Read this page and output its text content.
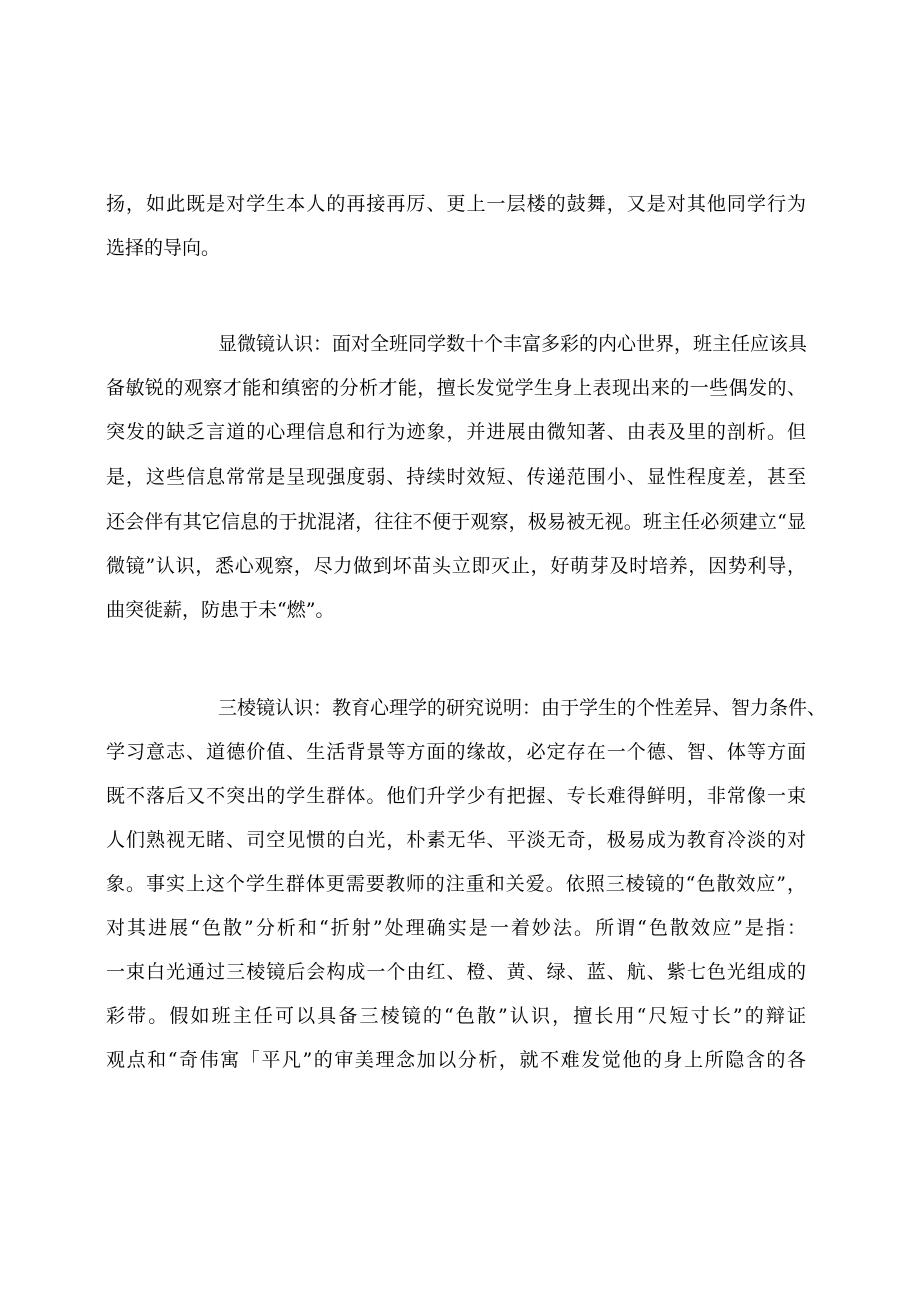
扬，如此既是对学生本人的再接再厉、更上一层楼的鼓舞，又是对其他同学行为
选择的导向。
显微镜认识：面对全班同学数十个丰富多彩的内心世界，班主任应该具
备敏锐的观察才能和缜密的分析才能，擅长发觉学生身上表现出来的一些偶发的、
突发的缺乏言道的心理信息和行为迹象，并进展由微知著、由表及里的剖析。但
是，这些信息常常是呈现强度弱、持续时效短、传递范围小、显性程度差，甚至
还会伴有其它信息的于扰混渚，往往不便于观察，极易被无视。班主任必须建立“显
微镜”认识，悉心观察，尽力做到坏苗头立即灭止，好萌芽及时培养，因势利导，
曲突徙薪，防患于未“燃”。
三棱镜认识：教育心理学的研究说明：由于学生的个性差异、智力条件、
学习意志、道德价值、生活背景等方面的缘故，必定存在一个德、智、体等方面
既不落后又不突出的学生群体。他们升学少有把握、专长难得鲜明，非常像一束
人们熟视无睹、司空见惯的白光，朴素无华、平淡无奇，极易成为教育冷淡的对
象。事实上这个学生群体更需要教师的注重和关爱。依照三棱镜的“色散效应”，
对其进展“色散”分析和“折射”处理确实是一着妙法。所谓“色散效应”是指：
一束白光通过三棱镜后会构成一个由红、橙、黄、绿、蓝、航、紫七色光组成的
彩带。假如班主任可以具备三棱镜的“色散”认识，擅长用“尺短寸长”的辩证
观点和“奇伟寓「平凡”的审美理念加以分析，就不难发觉他的身上所隐含的各
